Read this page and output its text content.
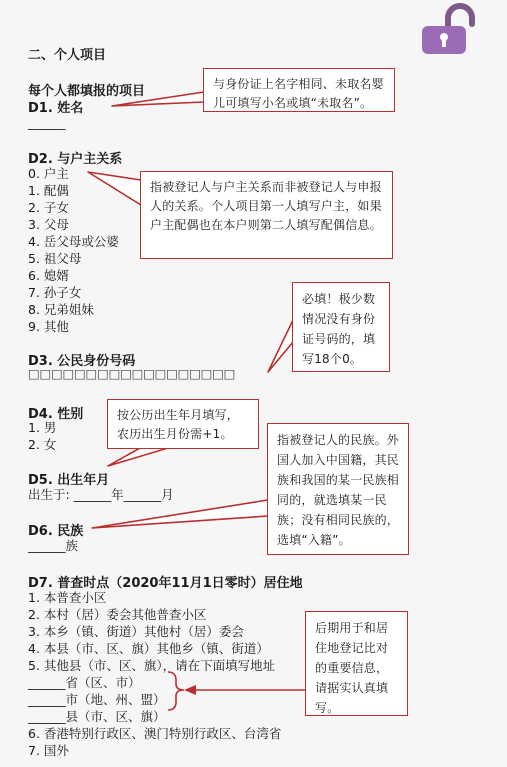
二、个人项目
每个人都填报的项目
D1. 姓名
______
D2. 与户主关系
0. 户主
1. 配偶
2. 子女
3. 父母
4. 岳父母或公婆
5. 祖父母
6. 媳婿
7. 孙子女
8. 兄弟姐妹
9. 其他
D3. 公民身份号码
□□□□□□□□□□□□□□□□□□
D4. 性别
1. 男
2. 女
D5. 出生年月
出生于: ______年______月
D6. 民族
______族
D7. 普查时点（2020年11月1日零时）居住地
1. 本普查小区
2. 本村（居）委会其他普查小区
3. 本乡（镇、街道）其他村（居）委会
4. 本县（市、区、旗）其他乡（镇、街道）
5. 其他县（市、区、旗），请在下面填写地址
______省（区、市）
______市（地、州、盟）
______县（市、区、旗）
6. 香港特别行政区、澳门特别行政区、台湾省
7. 国外
与身份证上名字相同、未取名婴儿可填写小名或填“未取名”。
指被登记人与户主关系而非被登记人与申报人的关系。个人项目第一人填写户主，如果户主配偶也在本户则第二人填写配偶信息。
必填！极少数情况没有身份证号码的，填写18个0。
按公历出生年月填写，农历出生月份需+1。	指被登记人的民族。外国人加入中国籍，其民族和我国的某一民族相同的，就选填某一民族；没有相同民族的，选填“入籍”。
后期用于和居住地登记比对的重要信息，请据实认真填写。
